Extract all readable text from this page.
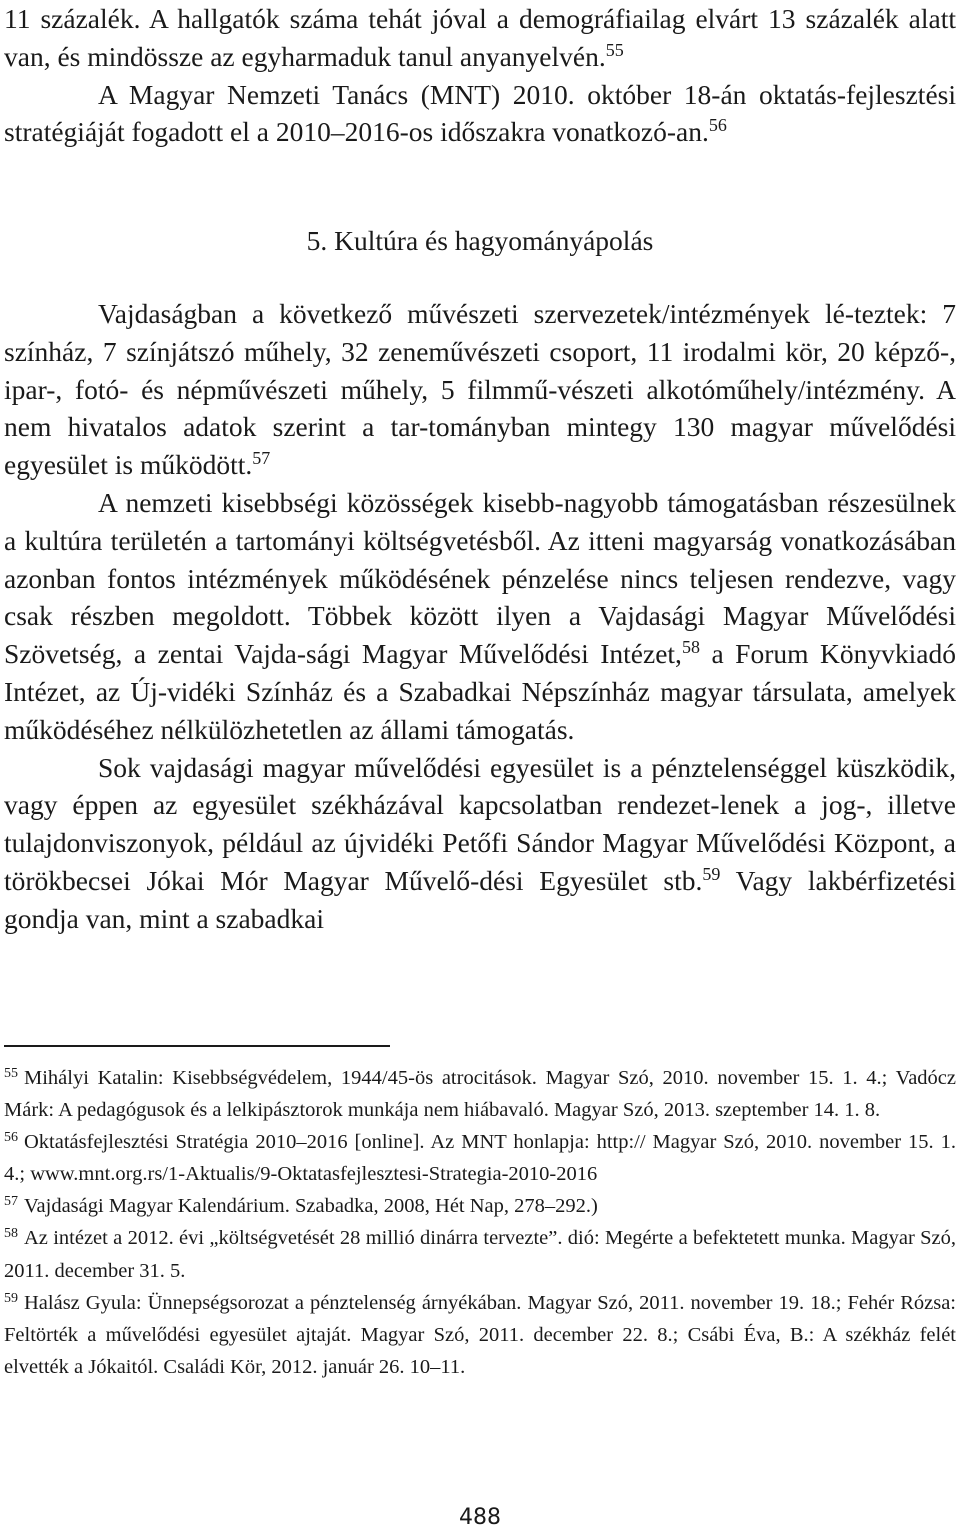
11 százalék. A hallgatók száma tehát jóval a demográfiailag elvárt 13 százalék alatt van, és mindössze az egyharmaduk tanul anyanyelvén.$^{55}$

A Magyar Nemzeti Tanács (MNT) 2010. október 18-án oktatás-fejlesztési stratégiáját fogadott el a 2010–2016-os időszakra vonatkozó-an.$^{56}$

5. Kultúra és hagyományápolás

Vajdaságban a következő művészeti szervezetek/intézmények lé-teztek: 7 színház, 7 színjátszó műhely, 32 zeneművészeti csoport, 11 irodalmi kör, 20 képző-, ipar-, fotó- és népművészeti műhely, 5 filmmű-vészeti alkotóműhely/intézmény. A nem hivatalos adatok szerint a tar-tományban mintegy 130 magyar művelődési egyesület is működött.$^{57}$

A nemzeti kisebbségi közösségek kisebb-nagyobb támogatásban részesülnek a kultúra területén a tartományi költségvetésből. Az itteni magyarság vonatkozásában azonban fontos intézmények működésének pénzelése nincs teljesen rendezve, vagy csak részben megoldott. Többek között ilyen a Vajdasági Magyar Művelődési Szövetség, a zentai Vajda-sági Magyar Művelődési Intézet,$^{58}$ a Forum Könyvkiadó Intézet, az Új-vidéki Színház és a Szabadkai Népszínház magyar társulata, amelyek működéséhez nélkülözhetetlen az állami támogatás.

Sok vajdasági magyar művelődési egyesület is a pénztelenséggel küszködik, vagy éppen az egyesület székházával kapcsolatban rendezet-lenek a jog-, illetve tulajdonviszonyok, például az újvidéki Petőfi Sándor Magyar Művelődési Központ, a törökbecsei Jókai Mór Magyar Művelő-dési Egyesület stb.$^{59}$ Vagy lakbérfizetési gondja van, mint a szabadkai

$^{55}$ Mihályi Katalin: Kisebbségvédelem, 1944/45-ös atrocitások. Magyar Szó, 2010. november 15. 1. 4.; Vadócz Márk: A pedagógusok és a lelkipásztorok munkája nem hiábavaló. Magyar Szó, 2013. szeptember 14. 1. 8.

$^{56}$ Oktatásfejlesztési Stratégia 2010–2016 [online]. Az MNT honlapja: http:// Magyar Szó, 2010. november 15. 1. 4.; www.mnt.org.rs/1-Aktualis/9-Oktatasfejlesztesi-Strategia-2010-2016

$^{57}$ Vajdasági Magyar Kalendárium. Szabadka, 2008, Hét Nap, 278–292.)

$^{58}$ Az intézet a 2012. évi „költségvetését 28 millió dinárra tervezte”. dió: Megérte a befektetett munka. Magyar Szó, 2011. december 31. 5.

$^{59}$ Halász Gyula: Ünnepségsorozat a pénztelenség árnyékában. Magyar Szó, 2011. november 19. 18.; Fehér Rózsa: Feltörték a művelődési egyesület ajtaját. Magyar Szó, 2011. december 22. 8.; Csábi Éva, B.: A székház felét elvették a Jókaitól. Családi Kör, 2012. január 26. 10–11.

488
